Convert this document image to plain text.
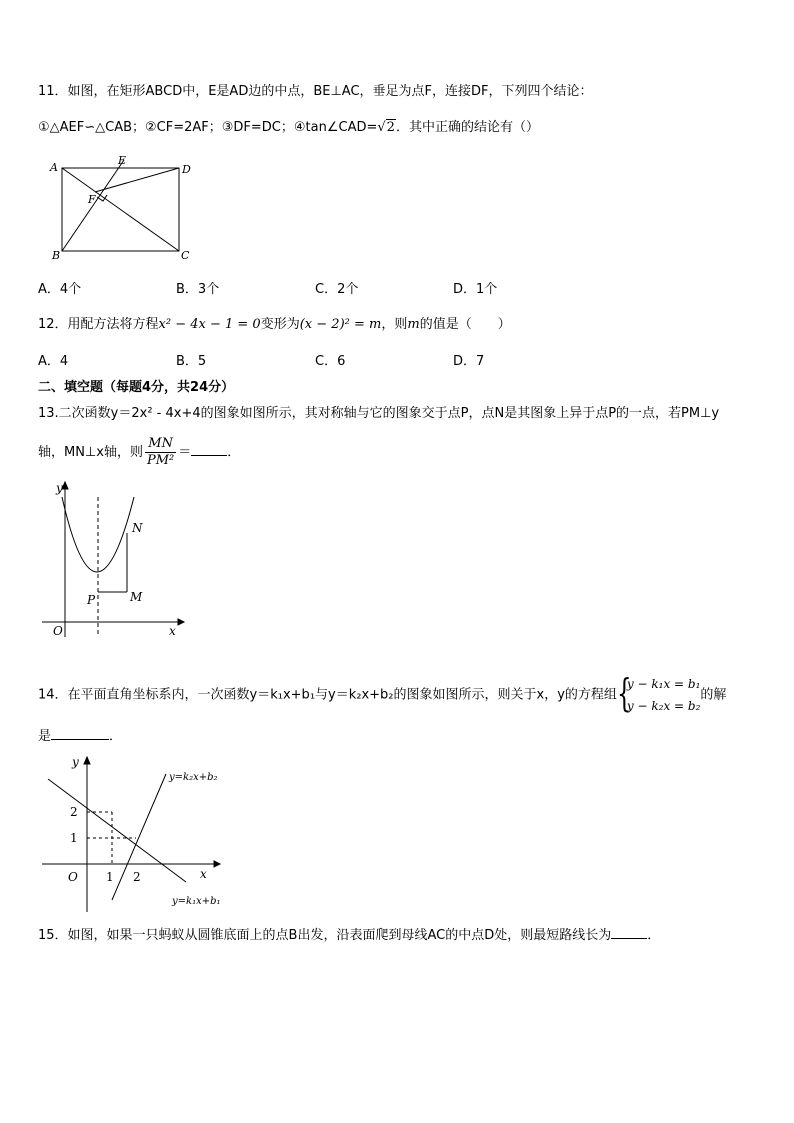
11．如图，在矩形ABCD中，E是AD边的中点，BE⊥AC，垂足为点F，连接DF，下列四个结论：
①△AEF∽△CAB；②CF=2AF；③DF=DC；④tan∠CAD=√2．其中正确的结论有（）
A
B	C
D
E
F
A．4个	B．3个	C．2个	D．1个
12．用配方法将方程x² − 4x − 1 = 0变形为(x − 2)² = m，则m的值是（　　）
A．4	B．5	C．6	D．7
二、填空题（每题4分，共24分）
13.二次函数y＝2x² - 4x+4的图象如图所示，其对称轴与它的图象交于点P，点N是其图象上异于点P的一点，若PM⊥y
轴，MN⊥x轴，则 $\frac{MN}{\text{PM²}}$ ＝	．
y
x
O
P	M
N
14．在平面直角坐标系内，一次函数y＝k₁x+b₁与y＝k₂x+b₂的图象如图所示，则关于x，y的方程组 {
y − k₁x = b₁
y − k₂x = b₂
的解
是	．
y
x
O 1 2
2
1
y=k₂x+b₂
y=k₁x+b₁
15．如图，如果一只蚂蚁从圆锥底面上的点B出发，沿表面爬到母线AC的中点D处，则最短路线长为	．
